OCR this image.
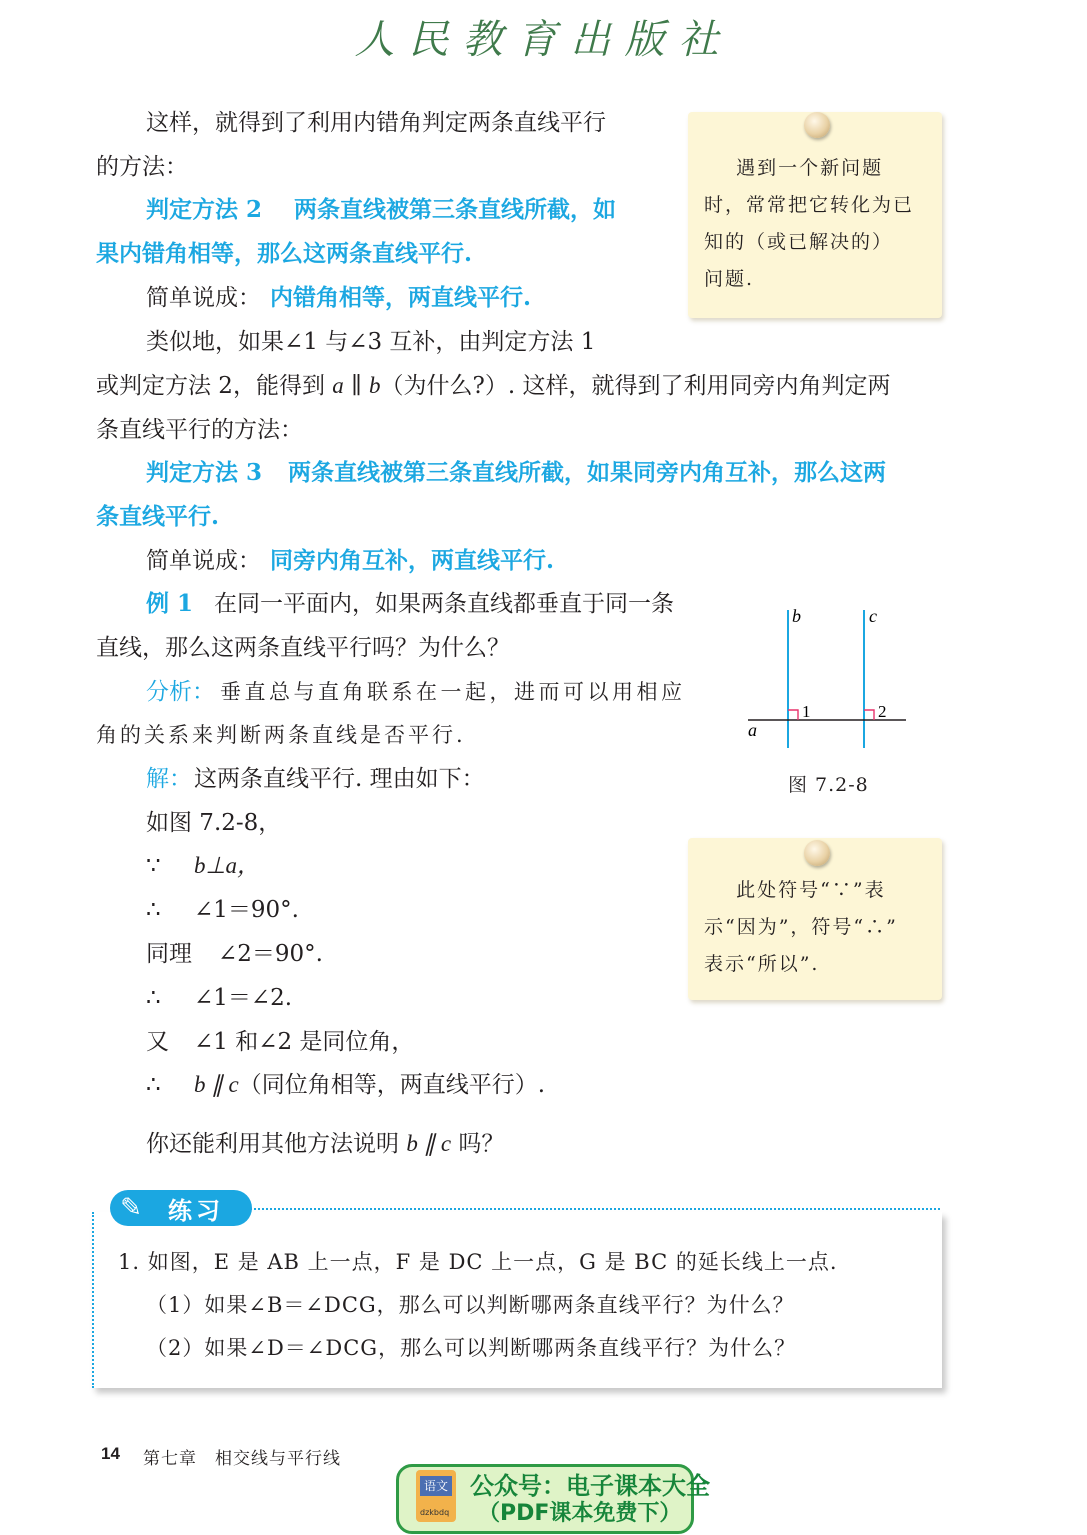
人民教育出版社
这样，就得到了利用内错角判定两条直线平行
的方法：
判定方法 2 两条直线被第三条直线所截，如
果内错角相等，那么这两条直线平行.
简单说成： 内错角相等，两直线平行.
类似地，如果∠1 与∠3 互补，由判定方法 1
或判定方法 2，能得到 a ∥ b（为什么?）. 这样，就得到了利用同旁内角判定两
条直线平行的方法：
判定方法 3 两条直线被第三条直线所截，如果同旁内角互补，那么这两
条直线平行.
简单说成： 同旁内角互补，两直线平行.
例 1 在同一平面内，如果两条直线都垂直于同一条
直线，那么这两条直线平行吗？为什么？
分析： 垂直总与直角联系在一起，进而可以用相应
角的关系来判断两条直线是否平行.
解： 这两条直线平行. 理由如下：
如图 7.2-8，
∵ b⊥a，
∴ ∠1＝90°.
同理 ∠2＝90°.
∴ ∠1＝∠2.
又 ∠1 和∠2 是同位角，
∴ b ∥ c（同位角相等，两直线平行）.
你还能利用其他方法说明 b ∥ c 吗？
遇到一个新问题
时，常常把它转化为已
知的（或已解决的）
问题.
此处符号“∵”表
示“因为”，符号“∴”
表示“所以”.
b	c
a
1	2
图 7.2-8
✎	练习
1. 如图，E 是 AB 上一点，F 是 DC 上一点，G 是 BC 的延长线上一点.
（1）如果∠B＝∠DCG，那么可以判断哪两条直线平行？为什么？
（2）如果∠D＝∠DCG，那么可以判断哪两条直线平行？为什么？
14 第七章　相交线与平行线
语文
dzkbdq
公众号：电子课本大全
（PDF课本免费下）
